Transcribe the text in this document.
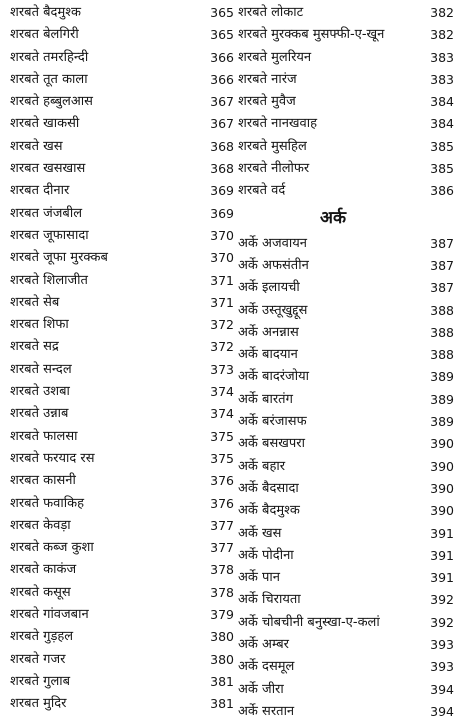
शरबते बैदमुश्क	365
शरबत बेलगिरी	365
शरबते तमरहिन्दी	366
शरबते तूत काला	366
शरबते हब्बुलआस	367
शरबते खाकसी	367
शरबते खस	368
शरबत खसखास	368
शरबत दीनार	369
शरबत जंजबील	369
शरबत जूफासादा	370
शरबते जूफा मुरक्कब	370
शरबते शिलाजीत	371
शरबते सेब	371
शरबत शिफा	372
शरबते सद्र	372
शरबते सन्दल	373
शरबते उशबा	374
शरबते उन्नाब	374
शरबते फालसा	375
शरबते फरयाद रस	375
शरबत कासनी	376
शरबते फवाकिह	376
शरबत केवड़ा	377
शरबते कब्ज कुशा	377
शरबते काकंज	378
शरबते कसूस	378
शरबते गांवजबान	379
शरबते गुड़हल	380
शरबते गजर	380
शरबते गुलाब	381
शरबत मुदिर	381
शरबते लोकाट	382
शरबते मुरक्कब मुसफ्फी-ए-खून	382
शरबते मुलरियन	383
शरबते नारंज	383
शरबते मुवैज	384
शरबते नानखवाह	384
शरबते मुसहिल	385
शरबते नीलोफर	385
शरबते वर्द	386
अर्क
अर्के अजवायन	387
अर्के अफसंतीन	387
अर्के इलायची	387
अर्के उस्तूखुद्दूस	388
अर्के अनन्नास	388
अर्के बादयान	388
अर्के बादरंजोया	389
अर्के बारतंग	389
अर्के बरंजासफ	389
अर्के बसखपरा	390
अर्के बहार	390
अर्के बैदसादा	390
अर्के बैदमुश्क	390
अर्के खस	391
अर्के पोदीना	391
अर्के पान	391
अर्के चिरायता	392
अर्के चोबचीनी बनुस्खा-ए-कलां	392
अर्के अम्बर	393
अर्के दसमूल	393
अर्के जीरा	394
अर्के सरतान	394
